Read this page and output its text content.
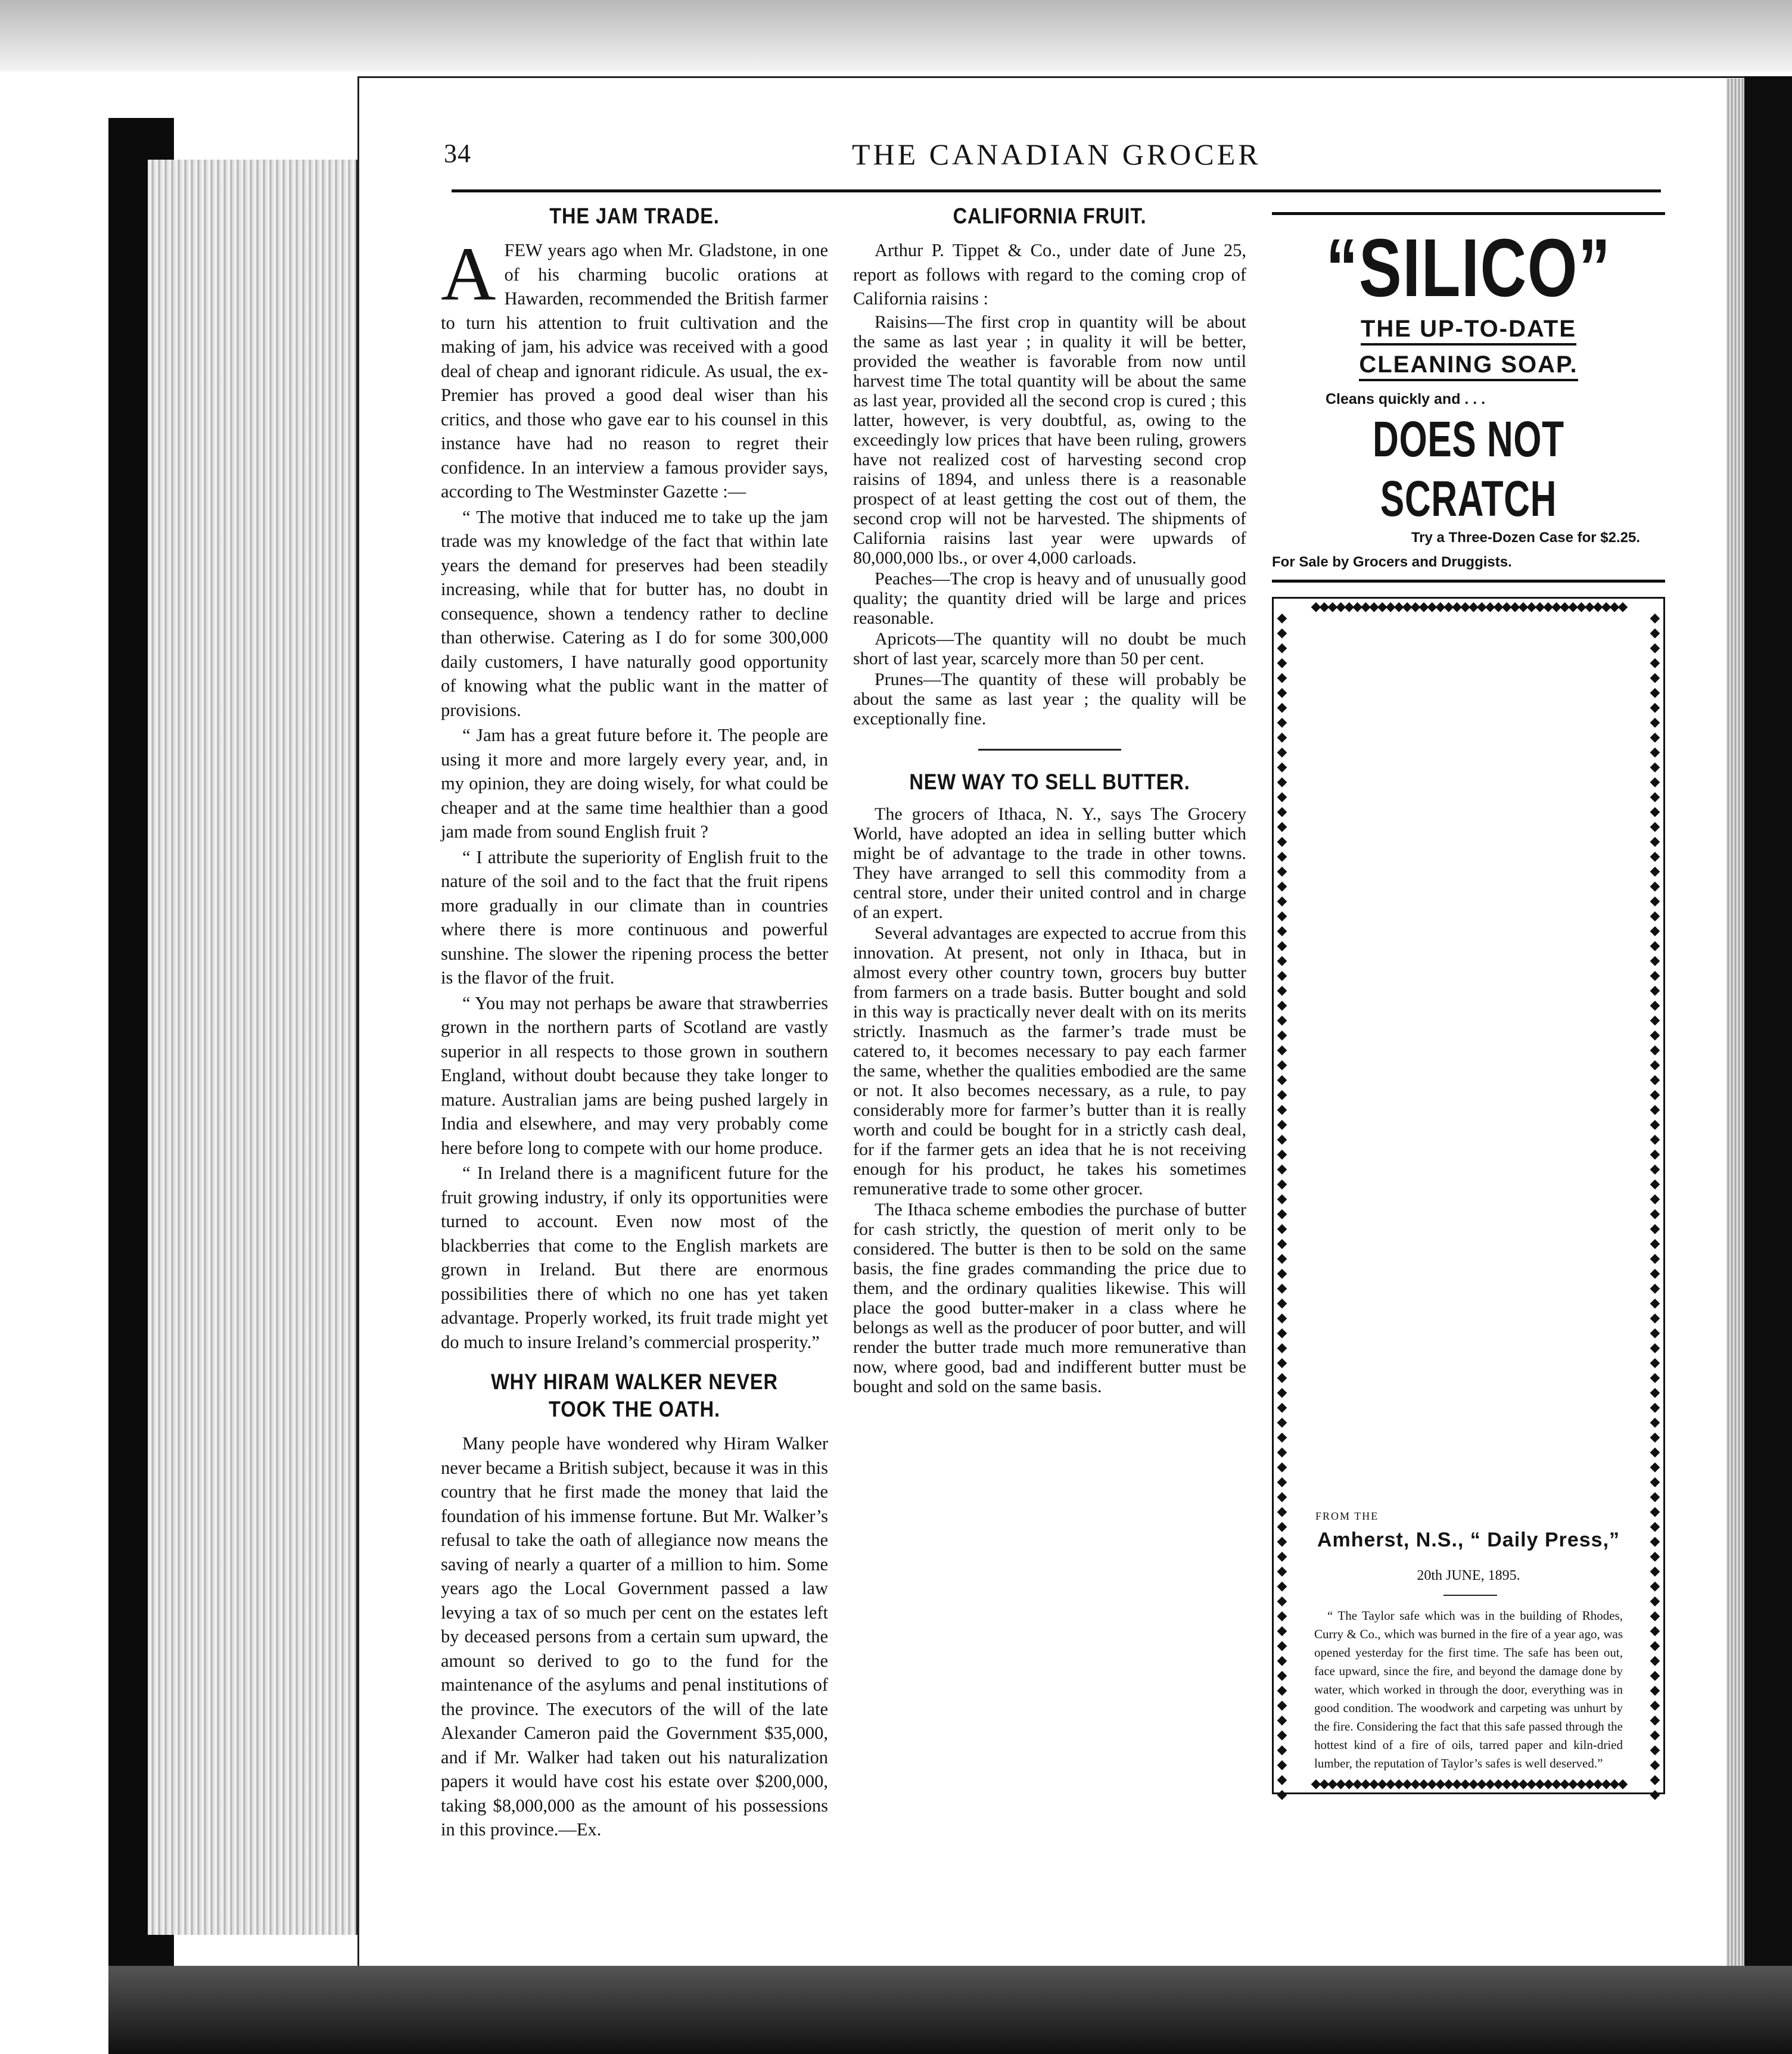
34	THE CANADIAN GROCER
THE JAM TRADE.

AFEW years ago when Mr. Gladstone, in one of his charming bucolic orations at Hawarden, recommended the British farmer to turn his attention to fruit cultivation and the making of jam, his advice was received with a good deal of cheap and ignorant ridicule. As usual, the ex-Premier has proved a good deal wiser than his critics, and those who gave ear to his counsel in this instance have had no reason to regret their confidence. In an interview a famous provider says, according to The Westminster Gazette :—

“ The motive that induced me to take up the jam trade was my knowledge of the fact that within late years the demand for preserves had been steadily increasing, while that for butter has, no doubt in consequence, shown a tendency rather to decline than otherwise. Catering as I do for some 300,000 daily customers, I have naturally good opportunity of knowing what the public want in the matter of provisions.

“ Jam has a great future before it. The people are using it more and more largely every year, and, in my opinion, they are doing wisely, for what could be cheaper and at the same time healthier than a good jam made from sound English fruit ?

“ I attribute the superiority of English fruit to the nature of the soil and to the fact that the fruit ripens more gradually in our climate than in countries where there is more continuous and powerful sunshine. The slower the ripening process the better is the flavor of the fruit.

“ You may not perhaps be aware that strawberries grown in the northern parts of Scotland are vastly superior in all respects to those grown in southern England, without doubt because they take longer to mature. Australian jams are being pushed largely in India and elsewhere, and may very probably come here before long to compete with our home produce.

“ In Ireland there is a magnificent future for the fruit growing industry, if only its opportunities were turned to account. Even now most of the blackberries that come to the English markets are grown in Ireland. But there are enormous possibilities there of which no one has yet taken advantage. Properly worked, its fruit trade might yet do much to insure Ireland’s commercial prosperity.”

WHY HIRAM WALKER NEVER TOOK THE OATH.

Many people have wondered why Hiram Walker never became a British subject, because it was in this country that he first made the money that laid the foundation of his immense fortune. But Mr. Walker’s refusal to take the oath of allegiance now means the saving of nearly a quarter of a million to him. Some years ago the Local Government passed a law levying a tax of so much per cent on the estates left by deceased persons from a certain sum upward, the amount so derived to go to the fund for the maintenance of the asylums and penal institutions of the province. The executors of the will of the late Alexander Cameron paid the Government $35,000, and if Mr. Walker had taken out his naturalization papers it would have cost his estate over $200,000, taking $8,000,000 as the amount of his possessions in this province.—Ex.

CALIFORNIA FRUIT.

Arthur P. Tippet & Co., under date of June 25, report as follows with regard to the coming crop of California raisins :

Raisins—The first crop in quantity will be about the same as last year ; in quality it will be better, provided the weather is favorable from now until harvest time The total quantity will be about the same as last year, provided all the second crop is cured ; this latter, however, is very doubtful, as, owing to the exceedingly low prices that have been ruling, growers have not realized cost of harvesting second crop raisins of 1894, and unless there is a reasonable prospect of at least getting the cost out of them, the second crop will not be harvested. The shipments of California raisins last year were upwards of 80,000,000 lbs., or over 4,000 carloads.

Peaches—The crop is heavy and of unusually good quality; the quantity dried will be large and prices reasonable.

Apricots—The quantity will no doubt be much short of last year, scarcely more than 50 per cent.

Prunes—The quantity of these will probably be about the same as last year ; the quality will be exceptionally fine.

NEW WAY TO SELL BUTTER.

The grocers of Ithaca, N. Y., says The Grocery World, have adopted an idea in selling butter which might be of advantage to the trade in other towns. They have arranged to sell this commodity from a central store, under their united control and in charge of an expert.

Several advantages are expected to accrue from this innovation. At present, not only in Ithaca, but in almost every other country town, grocers buy butter from farmers on a trade basis. Butter bought and sold in this way is practically never dealt with on its merits strictly. Inasmuch as the farmer’s trade must be catered to, it becomes necessary to pay each farmer the same, whether the qualities embodied are the same or not. It also becomes necessary, as a rule, to pay considerably more for farmer’s butter than it is really worth and could be bought for in a strictly cash deal, for if the farmer gets an idea that he is not receiving enough for his product, he takes his sometimes remunerative trade to some other grocer.

The Ithaca scheme embodies the purchase of butter for cash strictly, the question of merit only to be considered. The butter is then to be sold on the same basis, the fine grades commanding the price due to them, and the ordinary qualities likewise. This will place the good butter-maker in a class where he belongs as well as the producer of poor butter, and will render the butter trade much more remunerative than now, where good, bad and indifferent butter must be bought and sold on the same basis.

“SILICO”
THE UP-TO-DATE
CLEANING SOAP.
Cleans quickly and . . .
DOES NOT SCRATCH
Try a Three-Dozen Case for $2.25.
For Sale by Grocers and Druggists.
◆◆◆◆◆◆◆◆◆◆◆◆◆◆◆◆◆◆◆◆◆◆◆◆◆◆◆◆◆◆◆◆◆◆◆◆◆◆
◆◆◆◆◆◆◆◆◆◆◆◆◆◆◆◆◆◆◆◆◆◆◆◆◆◆◆◆◆◆◆◆◆◆◆◆◆◆
◆◆◆◆◆◆◆◆◆◆◆◆◆◆◆◆◆◆◆◆◆◆◆◆◆◆◆◆◆◆◆◆◆◆◆◆◆◆◆◆◆◆◆◆◆◆◆◆◆◆◆◆◆◆◆◆◆◆◆◆◆◆◆◆◆◆◆◆◆◆◆◆◆◆◆◆◆◆◆◆
◆◆◆◆◆◆◆◆◆◆◆◆◆◆◆◆◆◆◆◆◆◆◆◆◆◆◆◆◆◆◆◆◆◆◆◆◆◆◆◆◆◆◆◆◆◆◆◆◆◆◆◆◆◆◆◆◆◆◆◆◆◆◆◆◆◆◆◆◆◆◆◆◆◆◆◆◆◆◆◆
FROM THE
Amherst, N.S., “ Daily Press,”
20th JUNE, 1895.
“ The Taylor safe which was in the building of Rhodes, Curry & Co., which was burned in the fire of a year ago, was opened yesterday for the first time. The safe has been out, face upward, since the fire, and beyond the damage done by water, which worked in through the door, everything was in good condition. The woodwork and carpeting was unhurt by the fire. Considering the fact that this safe passed through the hottest kind of a fire of oils, tarred paper and kiln-dried lumber, the reputation of Taylor’s safes is well deserved.”
